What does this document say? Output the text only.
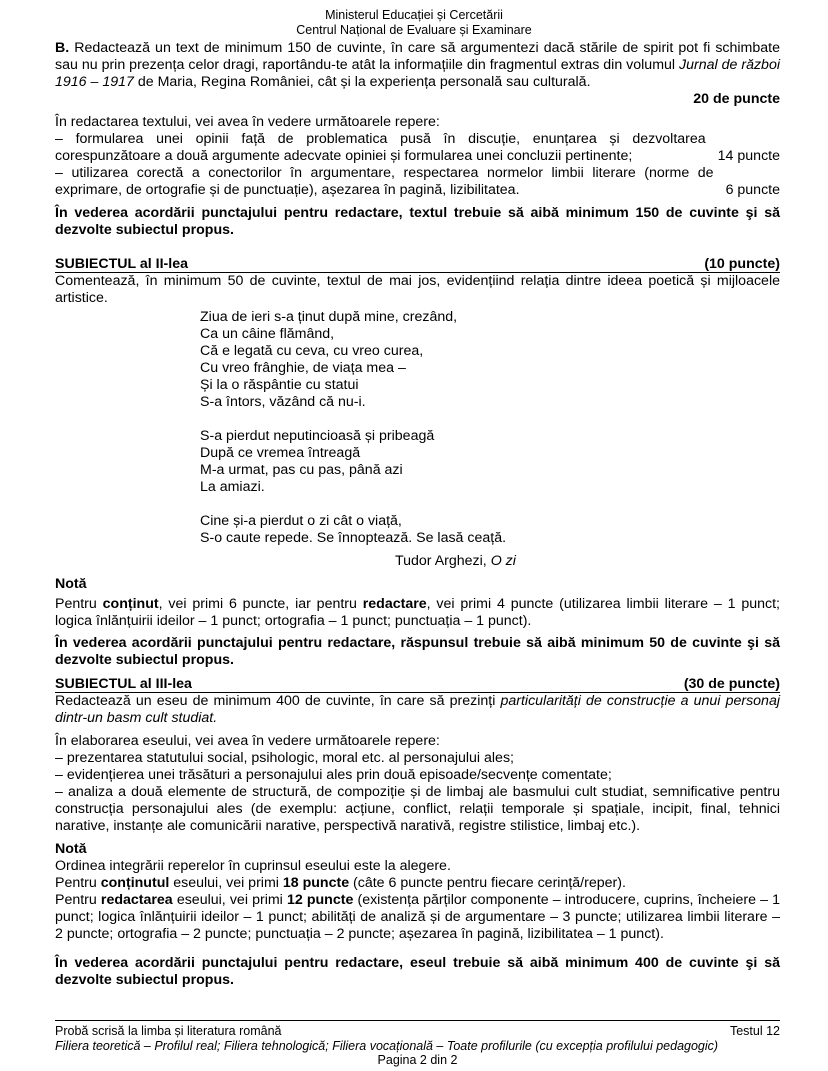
Ministerul Educației și Cercetării
Centrul Național de Evaluare și Examinare

B. Redactează un text de minimum 150 de cuvinte, în care să argumentezi dacă stările de spirit pot fi schimbate sau nu prin prezența celor dragi, raportându-te atât la informațiile din fragmentul extras din volumul Jurnal de război 1916 – 1917 de Maria, Regina României, cât și la experiența personală sau culturală.

20 de puncte

În redactarea textului, vei avea în vedere următoarele repere:

– formularea unei opinii față de problematica pusă în discuție, enunțarea și dezvoltarea corespunzătoare a două argumente adecvate opiniei și formularea unei concluzii pertinente;	14 puncte
– utilizarea corectă a conectorilor în argumentare, respectarea normelor limbii literare (norme de exprimare, de ortografie și de punctuație), așezarea în pagină, lizibilitatea.	6 puncte

În vederea acordării punctajului pentru redactare, textul trebuie să aibă minimum 150 de cuvinte şi să dezvolte subiectul propus.

SUBIECTUL al II-lea	(10 puncte)

Comentează, în minimum 50 de cuvinte, textul de mai jos, evidențiind relația dintre ideea poetică și mijloacele artistice.

Ziua de ieri s-a ținut după mine, crezând,
Ca un câine flămând,
Că e legată cu ceva, cu vreo curea,
Cu vreo frânghie, de viața mea –
Și la o răspântie cu statui
S-a întors, văzând că nu-i.
S-a pierdut neputincioasă și pribeagă
După ce vremea întreagă
M-a urmat, pas cu pas, până azi
La amiazi.
Cine și-a pierdut o zi cât o viață,
S-o caute repede. Se înnoptează. Se lasă ceață.
Tudor Arghezi, O zi

Notă

Pentru conținut, vei primi 6 puncte, iar pentru redactare, vei primi 4 puncte (utilizarea limbii literare – 1 punct; logica înlănțuirii ideilor – 1 punct; ortografia – 1 punct; punctuația – 1 punct).

În vederea acordării punctajului pentru redactare, răspunsul trebuie să aibă minimum 50 de cuvinte şi să dezvolte subiectul propus.

SUBIECTUL al III-lea	(30 de puncte)

Redactează un eseu de minimum 400 de cuvinte, în care să prezinți particularități de construcție a unui personaj dintr-un basm cult studiat.

În elaborarea eseului, vei avea în vedere următoarele repere:

– prezentarea statutului social, psihologic, moral etc. al personajului ales;

– evidențierea unei trăsături a personajului ales prin două episoade/secvențe comentate;

– analiza a două elemente de structură, de compoziție și de limbaj ale basmului cult studiat, semnificative pentru construcția personajului ales (de exemplu: acțiune, conflict, relații temporale și spațiale, incipit, final, tehnici narative, instanțe ale comunicării narative, perspectivă narativă, registre stilistice, limbaj etc.).

Notă

Ordinea integrării reperelor în cuprinsul eseului este la alegere.

Pentru conținutul eseului, vei primi 18 puncte (câte 6 puncte pentru fiecare cerință/reper).

Pentru redactarea eseului, vei primi 12 puncte (existența părților componente – introducere, cuprins, încheiere – 1 punct; logica înlănțuirii ideilor – 1 punct; abilități de analiză și de argumentare – 3 puncte; utilizarea limbii literare – 2 puncte; ortografia – 2 puncte; punctuația – 2 puncte; așezarea în pagină, lizibilitatea – 1 punct).

În vederea acordării punctajului pentru redactare, eseul trebuie să aibă minimum 400 de cuvinte şi să dezvolte subiectul propus.

Probă scrisă la limba și literatura română	Testul 12
Filiera teoretică – Profilul real; Filiera tehnologică; Filiera vocațională – Toate profilurile (cu excepția profilului pedagogic)
Pagina 2 din 2
